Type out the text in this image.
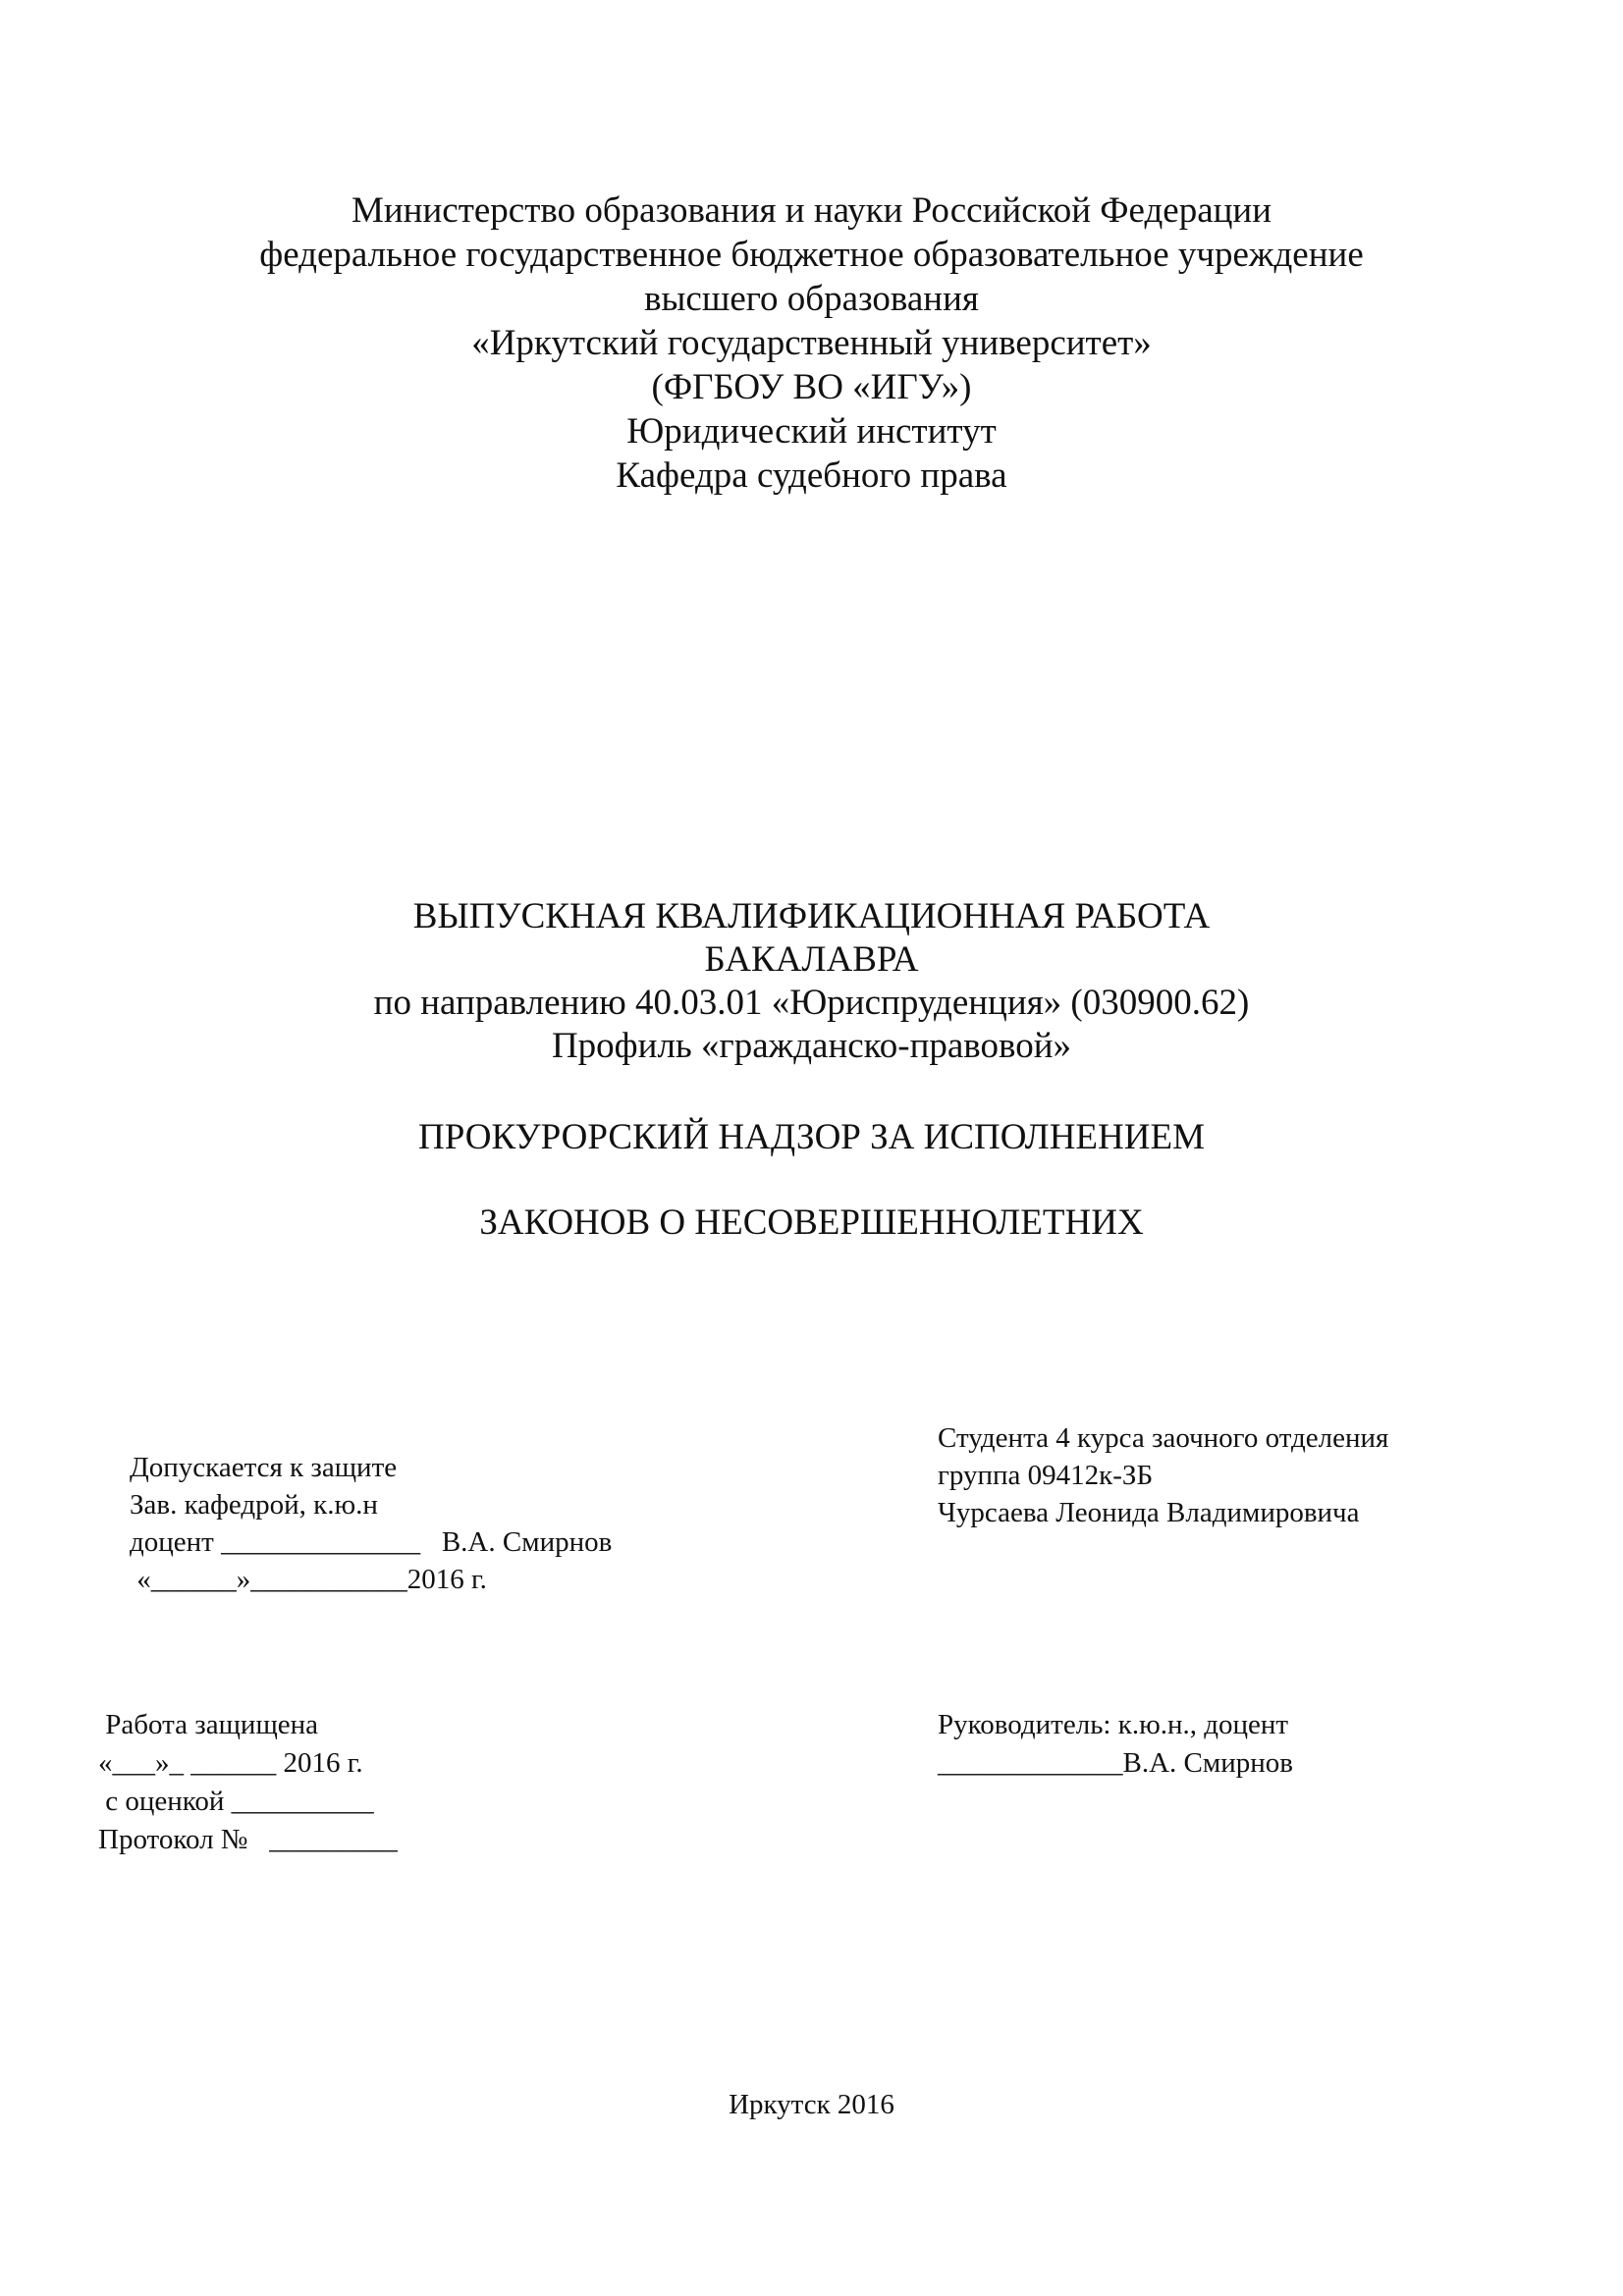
Министерство образования и науки Российской Федерации
федеральное государственное бюджетное образовательное учреждение
высшего образования
«Иркутский государственный университет»
(ФГБОУ ВО «ИГУ»)
Юридический институт
Кафедра судебного права
ВЫПУСКНАЯ КВАЛИФИКАЦИОННАЯ РАБОТА
БАКАЛАВРА
по направлению 40.03.01 «Юриспруденция» (030900.62)
Профиль «гражданско-правовой»
ПРОКУРОРСКИЙ НАДЗОР ЗА ИСПОЛНЕНИЕМ
ЗАКОНОВ О НЕСОВЕРШЕННОЛЕТНИХ
Допускается к защите
Зав. кафедрой, к.ю.н
доцент ______________   В.А. Смирнов
«______»___________2016 г.
Студента 4 курса заочного отделения
группа 09412к-ЗБ
Чурсаева Леонида Владимировича
Работа защищена
«___»_ ______ 2016 г.
с оценкой __________
Протокол №   _________
Руководитель: к.ю.н., доцент
_____________В.А. Смирнов
Иркутск 2016
